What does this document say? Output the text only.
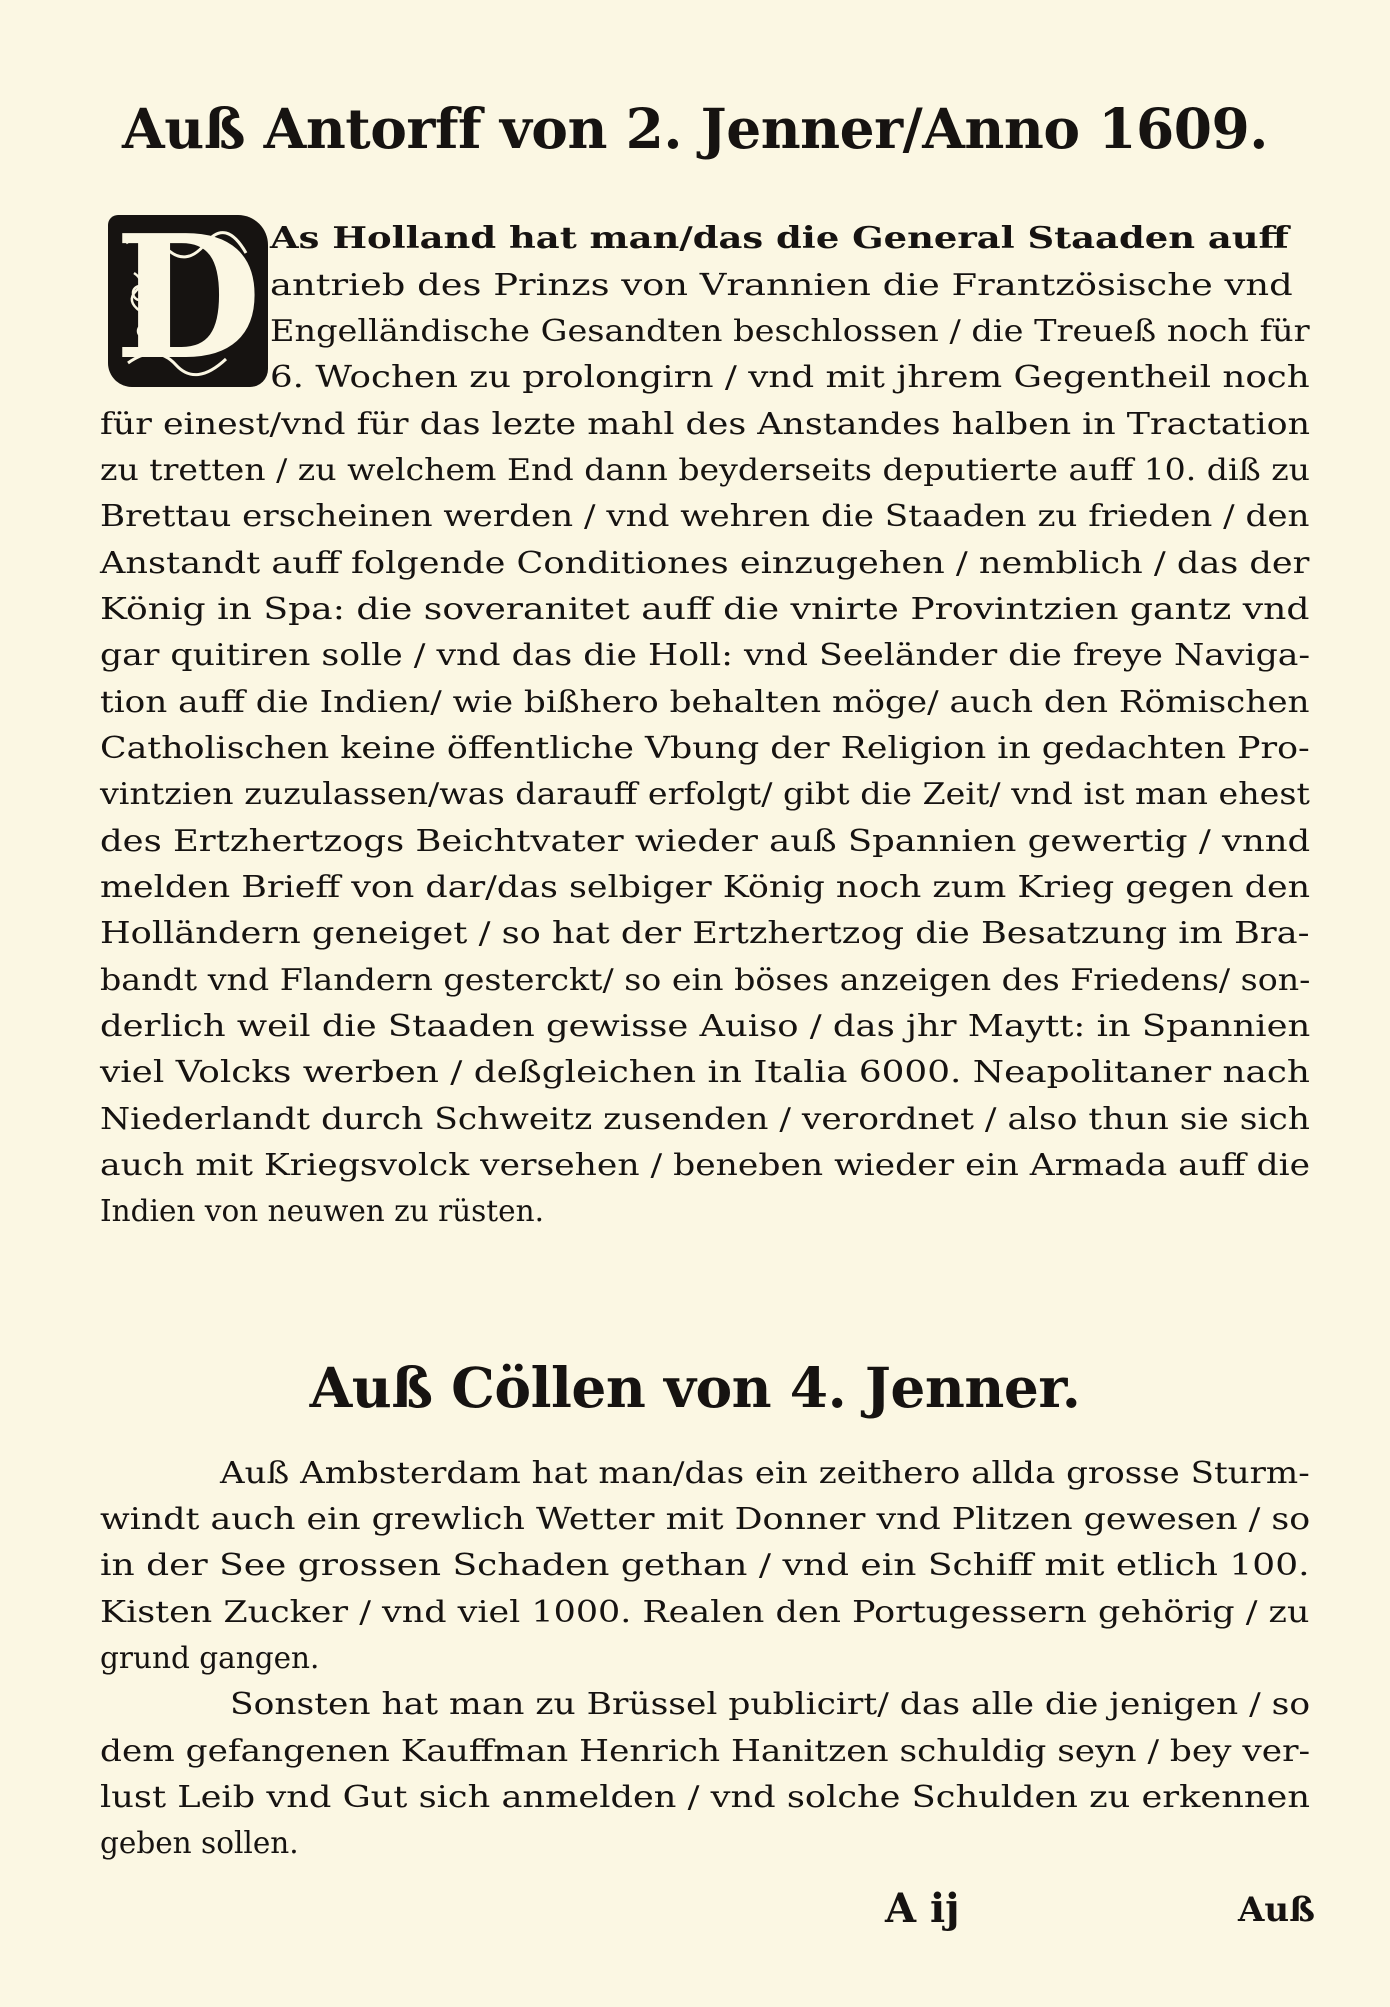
Auß Antorff von 2. Jenner/Anno 1609.
D As Holland hat man/das die General Staaden auff
antrieb des Prinzs von Vrannien die Frantzösische vnd
Engelländische Gesandten beschlossen / die Treueß noch für
6. Wochen zu prolongirn / vnd mit jhrem Gegentheil noch
für einest/vnd für das lezte mahl des Anstandes halben in Tractation
zu tretten / zu welchem End dann beyderseits deputierte auff 10. diß zu
Brettau erscheinen werden / vnd wehren die Staaden zu frieden / den
Anstandt auff folgende Conditiones einzugehen / nemblich / das der
König in Spa: die soveranitet auff die vnirte Provintzien gantz vnd
gar quitiren solle / vnd das die Holl: vnd Seeländer die freye Naviga-
tion auff die Indien/ wie bißhero behalten möge/ auch den Römischen
Catholischen keine öffentliche Vbung der Religion in gedachten Pro-
vintzien zuzulassen/was darauff erfolgt/ gibt die Zeit/ vnd ist man ehest
des Ertzhertzogs Beichtvater wieder auß Spannien gewertig / vnnd
melden Brieff von dar/das selbiger König noch zum Krieg gegen den
Holländern geneiget / so hat der Ertzhertzog die Besatzung im Bra-
bandt vnd Flandern gesterckt/ so ein böses anzeigen des Friedens/ son-
derlich weil die Staaden gewisse Auiso / das jhr Maytt: in Spannien
viel Volcks werben / deßgleichen in Italia 6000. Neapolitaner nach
Niederlandt durch Schweitz zusenden / verordnet / also thun sie sich
auch mit Kriegsvolck versehen / beneben wieder ein Armada auff die
Indien von neuwen zu rüsten.
Auß Cöllen von 4. Jenner.
Auß Ambsterdam hat man/das ein zeithero allda grosse Sturm-
windt auch ein grewlich Wetter mit Donner vnd Plitzen gewesen / so
in der See grossen Schaden gethan / vnd ein Schiff mit etlich 100.
Kisten Zucker / vnd viel 1000. Realen den Portugessern gehörig / zu
grund gangen.
Sonsten hat man zu Brüssel publicirt/ das alle die jenigen / so
dem gefangenen Kauffman Henrich Hanitzen schuldig seyn / bey ver-
lust Leib vnd Gut sich anmelden / vnd solche Schulden zu erkennen
geben sollen.
A ij	Auß
